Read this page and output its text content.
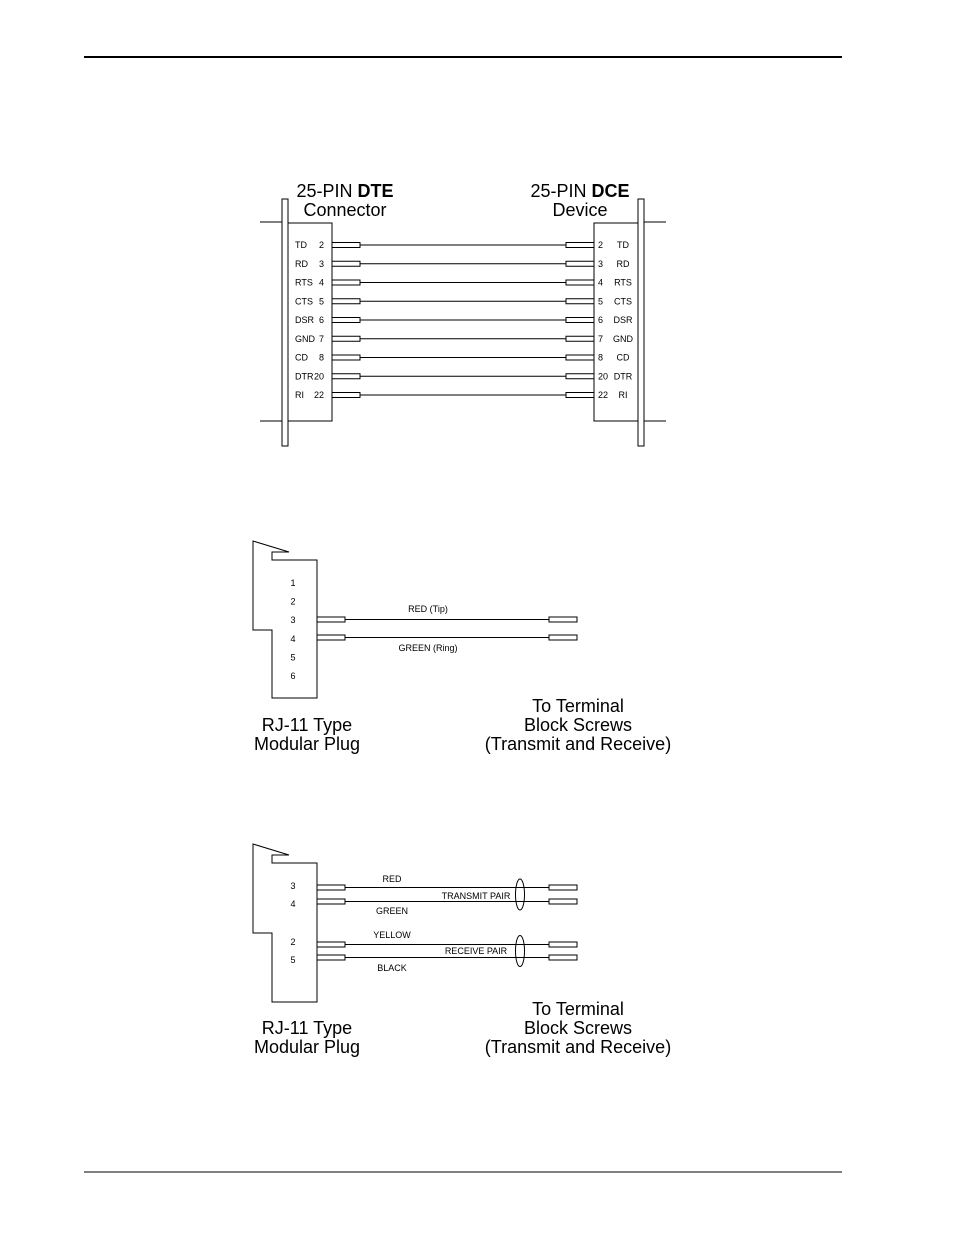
25-PIN DTE
Connector
25-PIN DCE
Device
TD 2	2 TD
RD 3	3 RD
RTS 4	4 RTS
CTS 5	5 CTS
DSR 6	6 DSR
GND 7	7 GND
CD 8	8 CD
DTR 20	20 DTR
RI 22	22 RI
1
2
3
4
5
6
RED (Tip)
GREEN (Ring)
RJ-11 Type
Modular Plug
To Terminal
Block Screws
(Transmit and Receive)
3
4
2
5
RED
GREEN
YELLOW
BLACK
TRANSMIT PAIR
RECEIVE PAIR
RJ-11 Type
Modular Plug
To Terminal
Block Screws
(Transmit and Receive)
